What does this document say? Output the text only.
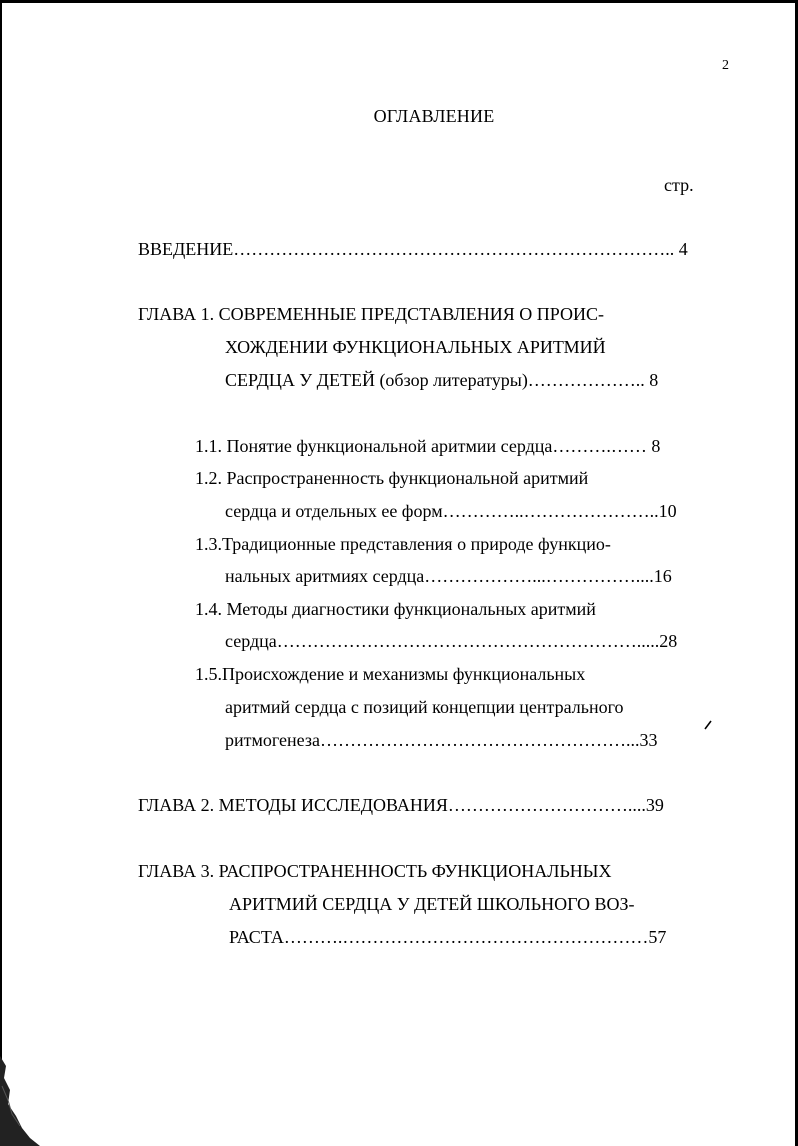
2
ОГЛАВЛЕНИЕ
стр.
ВВЕДЕНИЕ……………………………………………………………….. 4
ГЛАВА 1. СОВРЕМЕННЫЕ ПРЕДСТАВЛЕНИЯ О ПРОИС-
ХОЖДЕНИИ ФУНКЦИОНАЛЬНЫХ АРИТМИЙ
СЕРДЦА У ДЕТЕЙ (обзор литературы)……………….. 8
1.1. Понятие функциональной аритмии сердца……….…… 8
1.2. Распространенность функциональной аритмий
сердца и отдельных ее форм…………..…………………..10
1.3.Традиционные представления о природе функцио-
нальных аритмиях сердца………………...……………....16
1.4. Методы диагностики функциональных аритмий
сердца…………………………………………………….....28
1.5.Происхождение и механизмы функциональных
аритмий сердца с позиций концепции центрального
ритмогенеза……………………………………………...33
ГЛАВА 2. МЕТОДЫ ИССЛЕДОВАНИЯ…………………………....39
ГЛАВА 3. РАСПРОСТРАНЕННОСТЬ ФУНКЦИОНАЛЬНЫХ
АРИТМИЙ СЕРДЦА У ДЕТЕЙ ШКОЛЬНОГО ВОЗ-
РАСТА……….……………………………………………57
